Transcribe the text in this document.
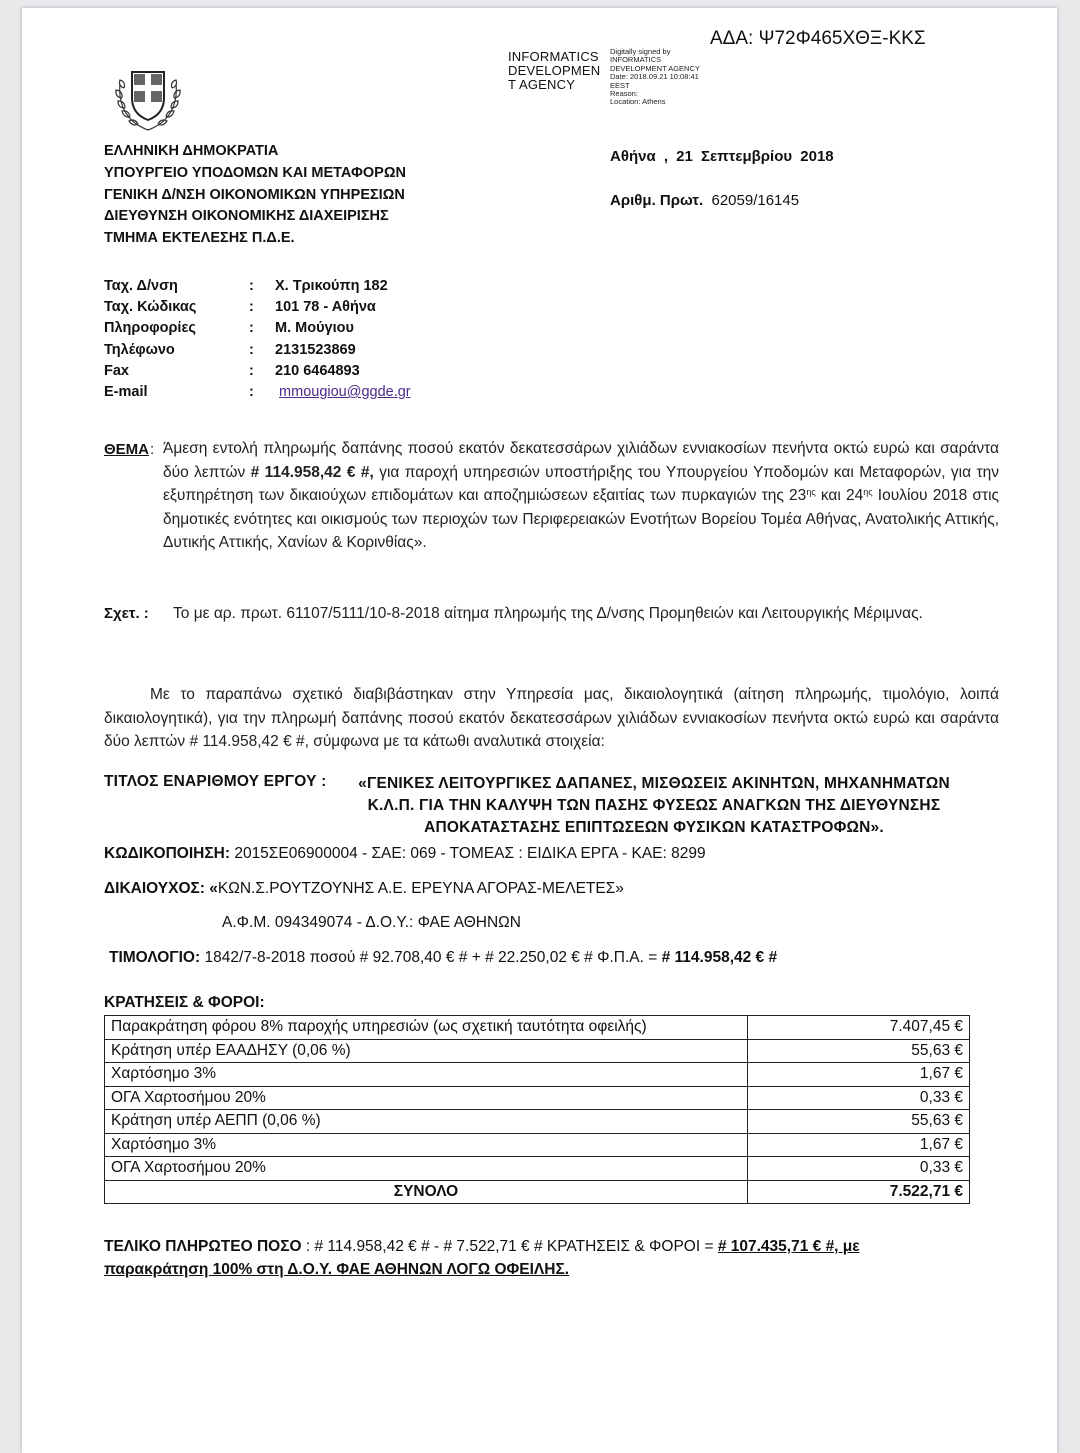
ΑΔΑ: Ψ72Φ465ΧΘΞ-ΚΚΣ
INFORMATICS
DEVELOPMEN
T AGENCY
Digitally signed by
INFORMATICS
DEVELOPMENT AGENCY
Date: 2018.09.21 10:08:41
EEST
Reason:
Location: Athens
ΕΛΛΗΝΙΚΗ ΔΗΜΟΚΡΑΤΙΑ
ΥΠΟΥΡΓΕΙΟ ΥΠΟΔΟΜΩΝ ΚΑΙ ΜΕΤΑΦΟΡΩΝ
ΓΕΝΙΚΗ Δ/ΝΣΗ ΟΙΚΟΝΟΜΙΚΩΝ ΥΠΗΡΕΣΙΩΝ
ΔΙΕΥΘΥΝΣΗ ΟΙΚΟΝΟΜΙΚΗΣ ΔΙΑΧΕΙΡΙΣΗΣ
ΤΜΗΜΑ ΕΚΤΕΛΕΣΗΣ Π.Δ.Ε.
Αθήνα , 21 Σεπτεμβρίου 2018
Αριθμ. Πρωτ. 62059/16145
Ταχ. Δ/νση	:	Χ. Τρικούπη 182
Ταχ. Κώδικας	:	101 78 - Αθήνα
Πληροφορίες	:	Μ. Μούγιου
Τηλέφωνο	:	2131523869
Fax	:	210 6464893
E-mail	:	mmougiou@ggde.gr
ΘΕΜΑ : Άμεση εντολή πληρωμής δαπάνης ποσού εκατόν δεκατεσσάρων χιλιάδων εννιακοσίων πενήντα οκτώ ευρώ και σαράντα δύο λεπτών # 114.958,42 € #, για παροχή υπηρεσιών υποστήριξης του Υπουργείου Υποδομών και Μεταφορών, για την εξυπηρέτηση των δικαιούχων επιδομάτων και αποζημιώσεων εξαιτίας των πυρκαγιών της $23^{\eta\varsigma}$ και $24^{\eta\varsigma}$ Ιουλίου 2018 στις δημοτικές ενότητες και οικισμούς των περιοχών των Περιφερειακών Ενοτήτων Βορείου Τομέα Αθήνας, Ανατολικής Αττικής, Δυτικής Αττικής, Χανίων & Κορινθίας».
Σχετ. : Το με αρ. πρωτ. 61107/5111/10-8-2018 αίτημα πληρωμής της Δ/νσης Προμηθειών και Λειτουργικής Μέριμνας.
Με το παραπάνω σχετικό διαβιβάστηκαν στην Υπηρεσία μας, δικαιολογητικά (αίτηση πληρωμής, τιμολόγιο, λοιπά δικαιολογητικά), για την πληρωμή δαπάνης ποσού εκατόν δεκατεσσάρων χιλιάδων εννιακοσίων πενήντα οκτώ ευρώ και σαράντα δύο λεπτών # 114.958,42 € #, σύμφωνα με τα κάτωθι αναλυτικά στοιχεία:
ΤΙΤΛΟΣ ΕΝΑΡΙΘΜΟΥ ΕΡΓΟΥ :	«ΓΕΝΙΚΕΣ ΛΕΙΤΟΥΡΓΙΚΕΣ ΔΑΠΑΝΕΣ, ΜΙΣΘΩΣΕΙΣ ΑΚΙΝΗΤΩΝ, ΜΗΧΑΝΗΜΑΤΩΝ
Κ.Λ.Π. ΓΙΑ ΤΗΝ ΚΑΛΥΨΗ ΤΩΝ ΠΑΣΗΣ ΦΥΣΕΩΣ ΑΝΑΓΚΩΝ ΤΗΣ ΔΙΕΥΘΥΝΣΗΣ
ΑΠΟΚΑΤΑΣΤΑΣΗΣ ΕΠΙΠΤΩΣΕΩΝ ΦΥΣΙΚΩΝ ΚΑΤΑΣΤΡΟΦΩΝ».
ΚΩΔΙΚΟΠΟΙΗΣΗ: 2015ΣΕ06900004 - ΣΑΕ: 069 - ΤΟΜΕΑΣ : ΕΙΔΙΚΑ ΕΡΓΑ - ΚΑΕ: 8299
ΔΙΚΑΙΟΥΧΟΣ: «ΚΩΝ.Σ.ΡΟΥΤΖΟΥΝΗΣ Α.Ε. ΕΡΕΥΝΑ ΑΓΟΡΑΣ-ΜΕΛΕΤΕΣ»
Α.Φ.Μ. 094349074 - Δ.Ο.Υ.: ΦΑΕ ΑΘΗΝΩΝ
ΤΙΜΟΛΟΓΙΟ: 1842/7-8-2018 ποσού # 92.708,40 € # + # 22.250,02 € # Φ.Π.Α. = # 114.958,42 € #
ΚΡΑΤΗΣΕΙΣ & ΦΟΡΟΙ:
Παρακράτηση φόρου 8% παροχής υπηρεσιών (ως σχετική ταυτότητα οφειλής)	7.407,45 €
Κράτηση υπέρ ΕΑΑΔΗΣΥ (0,06 %)	55,63 €
Χαρτόσημο 3%	1,67 €
ΟΓΑ Χαρτοσήμου 20%	0,33 €
Κράτηση υπέρ ΑΕΠΠ (0,06 %)	55,63 €
Χαρτόσημο 3%	1,67 €
ΟΓΑ Χαρτοσήμου 20%	0,33 €
ΣΥΝΟΛΟ	7.522,71 €
ΤΕΛΙΚΟ ΠΛΗΡΩΤΕΟ ΠΟΣΟ : # 114.958,42 € # - # 7.522,71 € # ΚΡΑΤΗΣΕΙΣ & ΦΟΡΟΙ = # 107.435,71 € #, με
παρακράτηση 100% στη Δ.Ο.Υ. ΦΑΕ ΑΘΗΝΩΝ ΛΟΓΩ ΟΦΕΙΛΗΣ.
